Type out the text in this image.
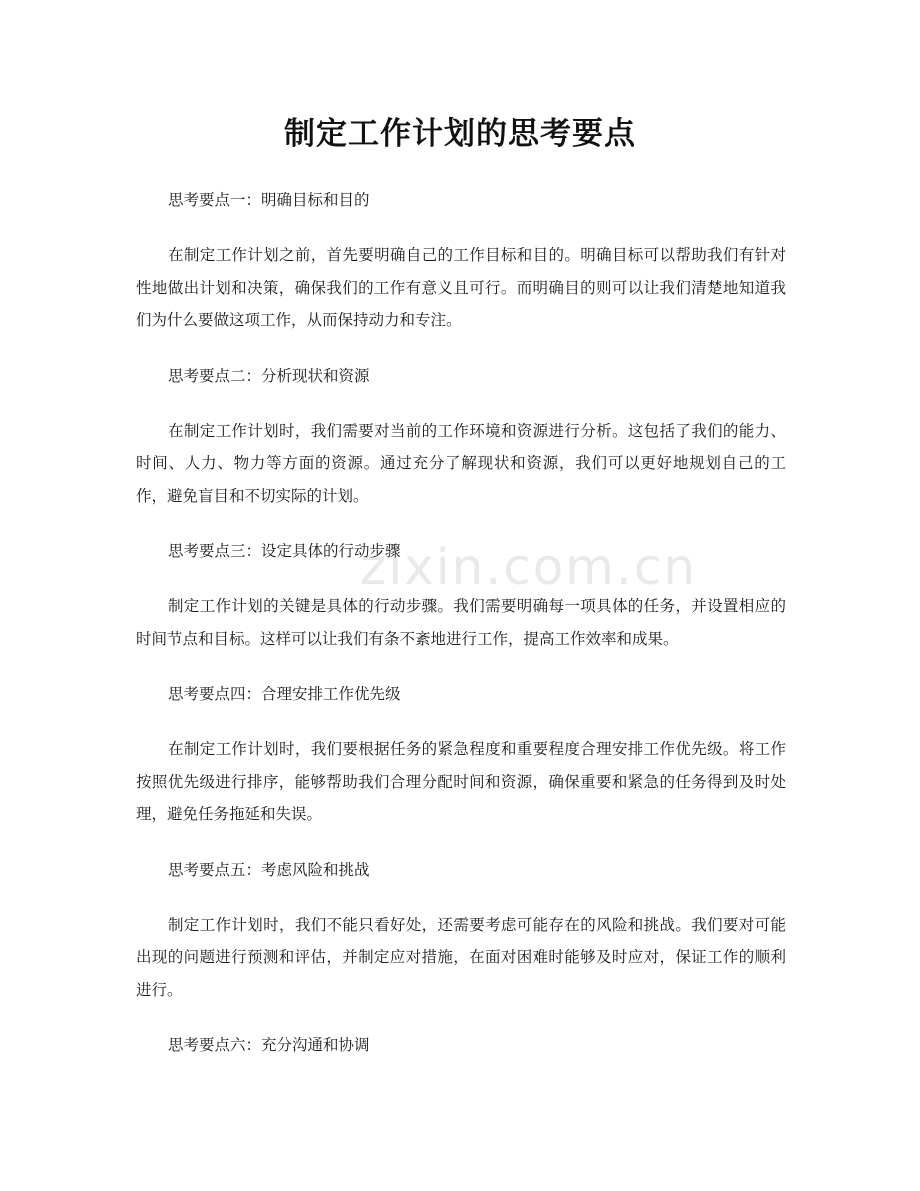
zixin.com.cn
制定工作计划的思考要点

思考要点一：明确目标和目的

在制定工作计划之前，首先要明确自己的工作目标和目的。明确目标可以帮助我们有针对性地做出计划和决策，确保我们的工作有意义且可行。而明确目的则可以让我们清楚地知道我们为什么要做这项工作，从而保持动力和专注。

思考要点二：分析现状和资源

在制定工作计划时，我们需要对当前的工作环境和资源进行分析。这包括了我们的能力、时间、人力、物力等方面的资源。通过充分了解现状和资源，我们可以更好地规划自己的工作，避免盲目和不切实际的计划。

思考要点三：设定具体的行动步骤

制定工作计划的关键是具体的行动步骤。我们需要明确每一项具体的任务，并设置相应的时间节点和目标。这样可以让我们有条不紊地进行工作，提高工作效率和成果。

思考要点四：合理安排工作优先级

在制定工作计划时，我们要根据任务的紧急程度和重要程度合理安排工作优先级。将工作按照优先级进行排序，能够帮助我们合理分配时间和资源，确保重要和紧急的任务得到及时处理，避免任务拖延和失误。

思考要点五：考虑风险和挑战

制定工作计划时，我们不能只看好处，还需要考虑可能存在的风险和挑战。我们要对可能出现的问题进行预测和评估，并制定应对措施，在面对困难时能够及时应对，保证工作的顺利进行。

思考要点六：充分沟通和协调
